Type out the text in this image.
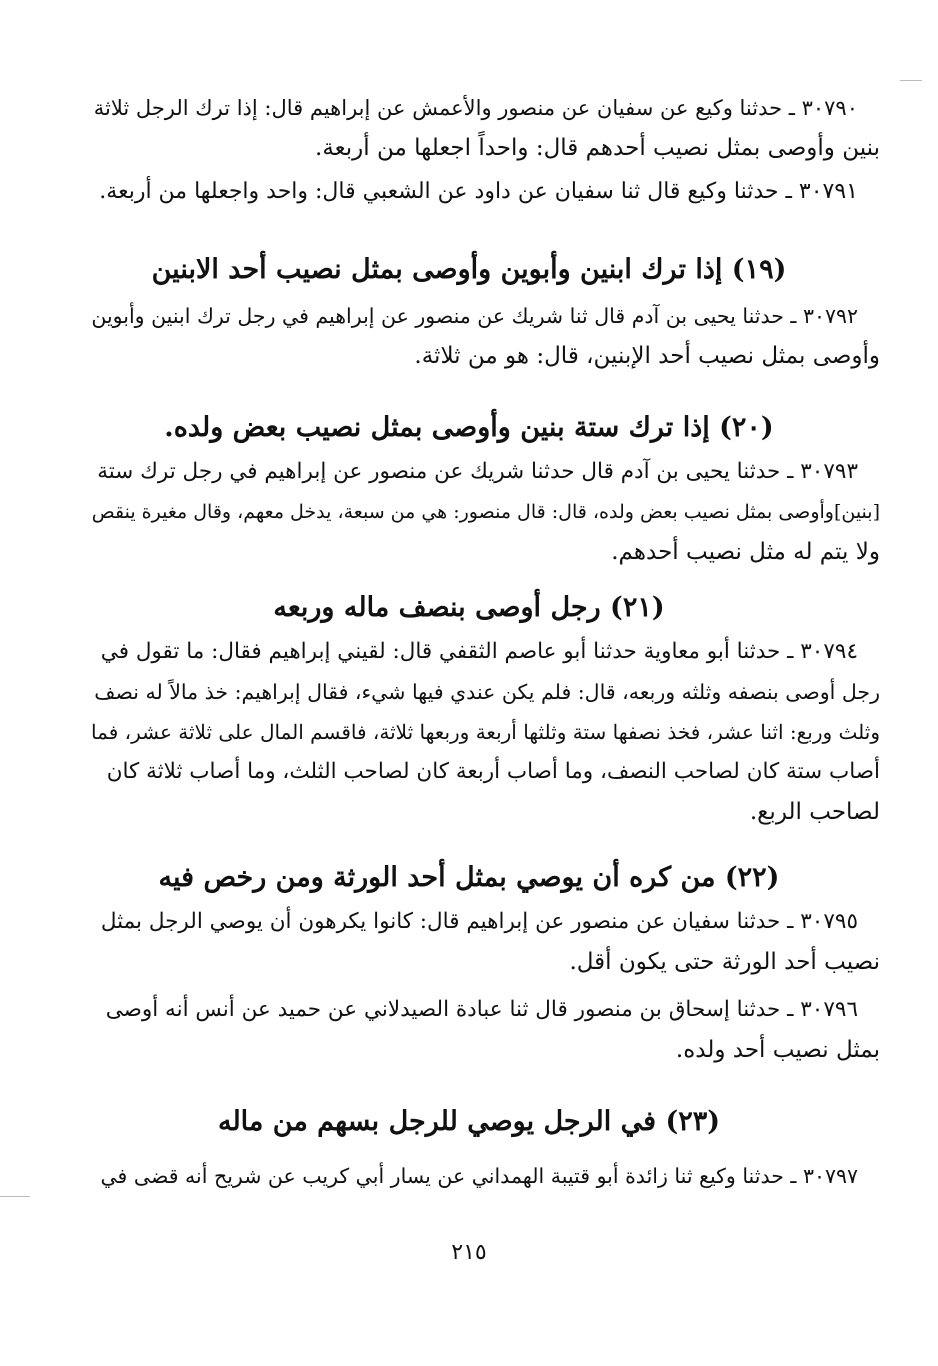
٣٠٧٩٠ ـ حدثنا وكيع عن سفيان عن منصور والأعمش عن إبراهيم قال: إذا ترك الرجل ثلاثة
بنين وأوصى بمثل نصيب أحدهم قال: واحداً اجعلها من أربعة.
٣٠٧٩١ ـ حدثنا وكيع قال ثنا سفيان عن داود عن الشعبي قال: واحد واجعلها من أربعة.
(١٩) إذا ترك ابنين وأبوين وأوصى بمثل نصيب أحد الابنين
٣٠٧٩٢ ـ حدثنا يحيى بن آدم قال ثنا شريك عن منصور عن إبراهيم في رجل ترك ابنين وأبوين
وأوصى بمثل نصيب أحد الإبنين، قال: هو من ثلاثة.
(٢٠) إذا ترك ستة بنين وأوصى بمثل نصيب بعض ولده.
٣٠٧٩٣ ـ حدثنا يحيى بن آدم قال حدثنا شريك عن منصور عن إبراهيم في رجل ترك ستة
[بنين]وأوصى بمثل نصيب بعض ولده، قال: قال منصور: هي من سبعة، يدخل معهم، وقال مغيرة ينقص
ولا يتم له مثل نصيب أحدهم.
(٢١) رجل أوصى بنصف ماله وربعه
٣٠٧٩٤ ـ حدثنا أبو معاوية حدثنا أبو عاصم الثقفي قال: لقيني إبراهيم فقال: ما تقول في
رجل أوصى بنصفه وثلثه وربعه، قال: فلم يكن عندي فيها شيء، فقال إبراهيم: خذ مالاً له نصف
وثلث وربع: اثنا عشر، فخذ نصفها ستة وثلثها أربعة وربعها ثلاثة، فاقسم المال على ثلاثة عشر، فما
أصاب ستة كان لصاحب النصف، وما أصاب أربعة كان لصاحب الثلث، وما أصاب ثلاثة كان
لصاحب الربع.
(٢٢) من كره أن يوصي بمثل أحد الورثة ومن رخص فيه
٣٠٧٩٥ ـ حدثنا سفيان عن منصور عن إبراهيم قال: كانوا يكرهون أن يوصي الرجل بمثل
نصيب أحد الورثة حتى يكون أقل.
٣٠٧٩٦ ـ حدثنا إسحاق بن منصور قال ثنا عبادة الصيدلاني عن حميد عن أنس أنه أوصى
بمثل نصيب أحد ولده.
(٢٣) في الرجل يوصي للرجل بسهم من ماله
٣٠٧٩٧ ـ حدثنا وكيع ثنا زائدة أبو قتيبة الهمداني عن يسار أبي كريب عن شريح أنه قضى في
٢١٥
